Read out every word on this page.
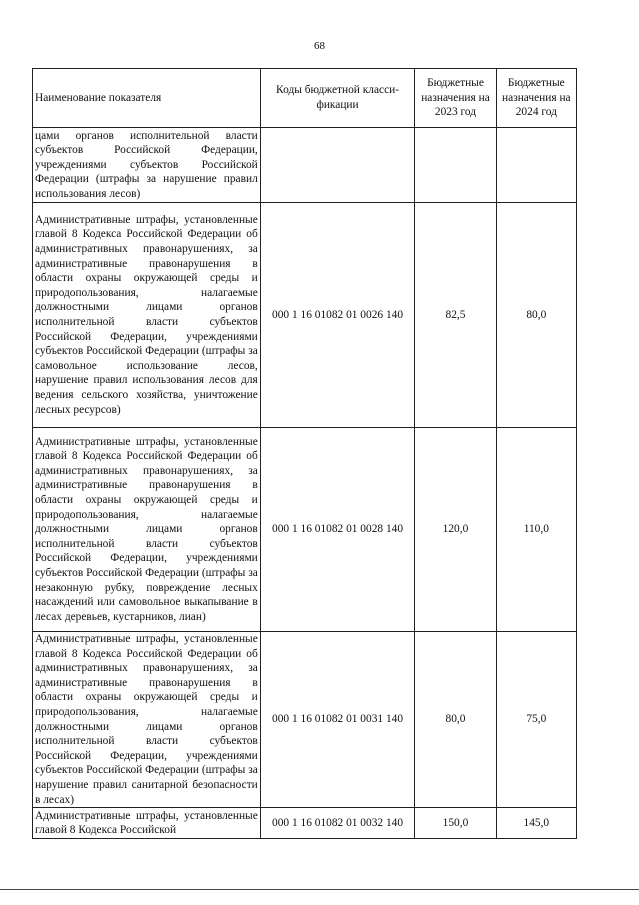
68
Наименование показателя	Коды бюджетной класси-фикации	Бюджетные назначения на 2023 год	Бюджетные назначения на 2024 год
цами органов исполнительной власти субъектов Российской Федерации, учреждениями субъектов Российской Федерации (штрафы за нарушение правил использования лесов)			
Административные штрафы, установленные главой 8 Кодекса Российской Федерации об административных правонарушениях, за административные правонарушения в области охраны окружающей среды и природопользования, налагаемые должностными лицами органов исполнительной власти субъектов Российской Федерации, учреждениями субъектов Российской Федерации (штрафы за самовольное использование лесов, нарушение правил использования лесов для ведения сельского хозяйства, уничтожение лесных ресурсов)	000 1 16 01082 01 0026 140	82,5	80,0
Административные штрафы, установленные главой 8 Кодекса Российской Федерации об административных правонарушениях, за административные правонарушения в области охраны окружающей среды и природопользования, налагаемые должностными лицами органов исполнительной власти субъектов Российской Федерации, учреждениями субъектов Российской Федерации (штрафы за незаконную рубку, повреждение лесных насаждений или самовольное выкапывание в лесах деревьев, кустарников, лиан)	000 1 16 01082 01 0028 140	120,0	110,0
Административные штрафы, установленные главой 8 Кодекса Российской Федерации об административных правонарушениях, за административные правонарушения в области охраны окружающей среды и природопользования, налагаемые должностными лицами органов исполнительной власти субъектов Российской Федерации, учреждениями субъектов Российской Федерации (штрафы за нарушение правил санитарной безопасности в лесах)	000 1 16 01082 01 0031 140	80,0	75,0
Административные штрафы, установленные главой 8 Кодекса Российской	000 1 16 01082 01 0032 140	150,0	145,0
